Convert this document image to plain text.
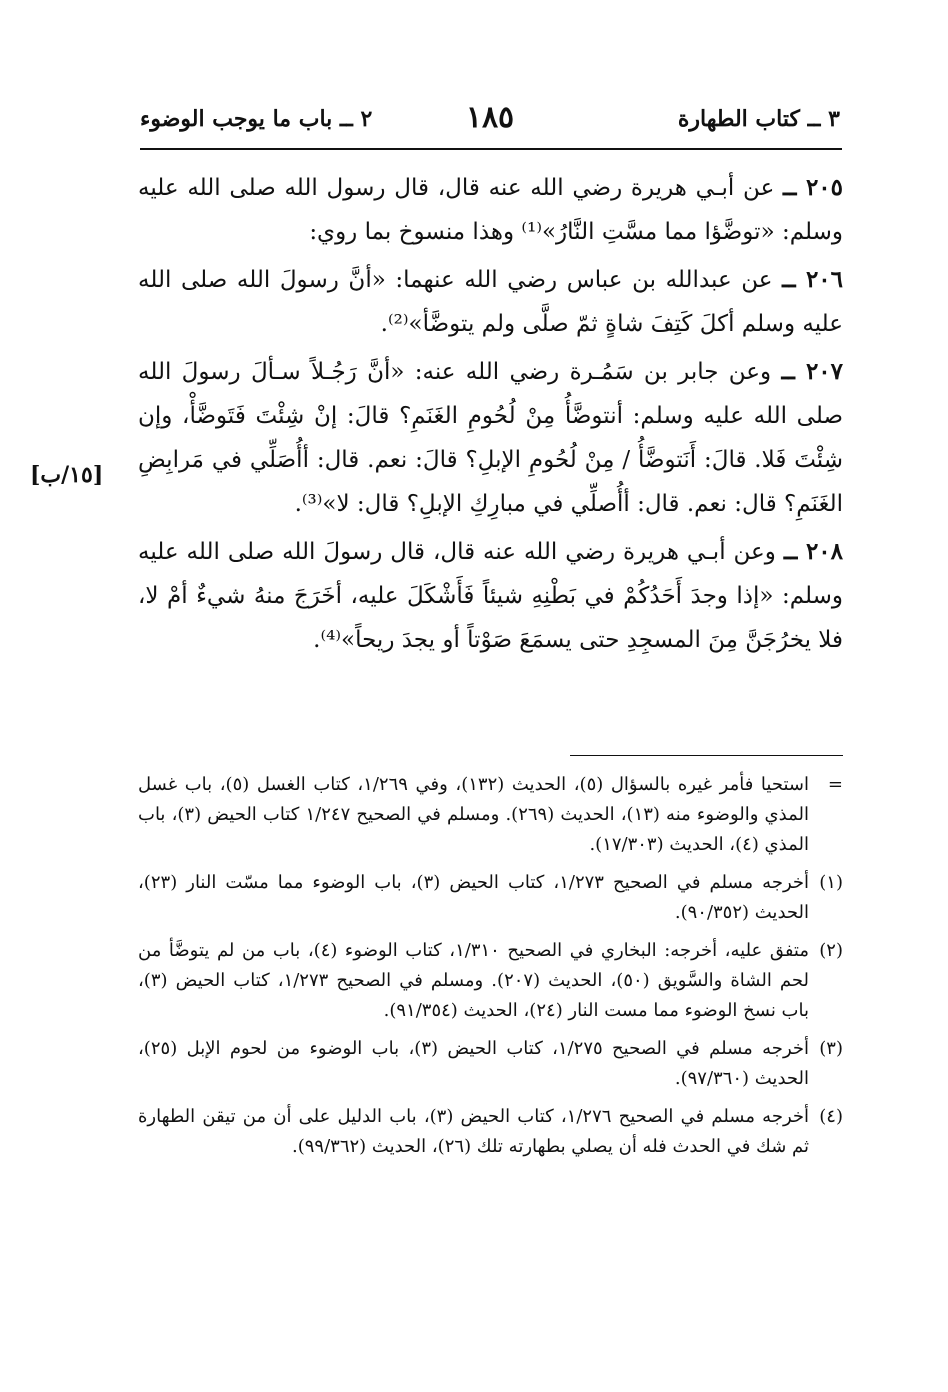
٣ ــ كتاب الطهارة
١٨٥
٢ ــ باب ما يوجب الوضوء

٢٠٥ ــ عن أبـي هريرة رضي الله عنه قال، قال رسول الله صلى الله عليه وسلم: «توضَّؤا مما مسَّتِ النَّارُ»⁽¹⁾ وهذا منسوخ بما روي:

٢٠٦ ــ عن عبدالله بن عباس رضي الله عنهما: «أنَّ رسولَ الله صلى الله عليه وسلم أكلَ كَتِفَ شاةٍ ثمّ صلَّى ولم يتوضَّأ»⁽²⁾.

٢٠٧ ــ وعن جابر بن سَمُـرة رضي الله عنه: «أنَّ رَجُـلاً سـألَ رسولَ الله صلى الله عليه وسلم: أنتوضَّأُ مِنْ لُحُومِ الغَنَمِ؟ قالَ: إنْ شِئْتَ فَتَوضَّأْ، وإن شِئْتَ فَلا. قالَ: أَنَتوضَّأُ / مِنْ لُحُومِ الإبلِ؟ قالَ: نعم. قال: أأُصَلِّي في مَرابِضِ الغَنَمِ؟ قال: نعم. قال: أأُصلِّي في مبارِكِ الإبلِ؟ قال: لا»⁽³⁾.

٢٠٨ ــ وعن أبـي هريرة رضي الله عنه قال، قال رسولَ الله صلى الله عليه وسلم: «إذا وجدَ أَحَدُكُمْ في بَطْنِهِ شيئاً فَأَشْكَلَ عليه، أخَرَجَ منهُ شيءٌ أمْ لا، فلا يخرُجَنَّ مِنَ المسجِدِ حتى يسمَعَ صَوْتاً أو يجدَ ريحاً»⁽⁴⁾.

[١٥/ب]
=
استحيا فأمر غيره بالسؤال (٥)، الحديث (١٣٢)، وفي ١/٢٦٩، كتاب الغسل (٥)، باب غسل المذي والوضوء منه (١٣)، الحديث (٢٦٩). ومسلم في الصحيح ١/٢٤٧ كتاب الحيض (٣)، باب المذي (٤)، الحديث (١٧/٣٠٣).
(١)
أخرجه مسلم في الصحيح ١/٢٧٣، كتاب الحيض (٣)، باب الوضوء مما مسّت النار (٢٣)، الحديث (٩٠/٣٥٢).
(٢)
متفق عليه، أخرجه: البخاري في الصحيح ١/٣١٠، كتاب الوضوء (٤)، باب من لم يتوضَّأ من لحم الشاة والسَّويق (٥٠)، الحديث (٢٠٧). ومسلم في الصحيح ١/٢٧٣، كتاب الحيض (٣)، باب نسخ الوضوء مما مست النار (٢٤)، الحديث (٩١/٣٥٤).
(٣)
أخرجه مسلم في الصحيح ١/٢٧٥، كتاب الحيض (٣)، باب الوضوء من لحوم الإبل (٢٥)، الحديث (٩٧/٣٦٠).
(٤)
أخرجه مسلم في الصحيح ١/٢٧٦، كتاب الحيض (٣)، باب الدليل على أن من تيقن الطهارة ثم شك في الحدث فله أن يصلي بطهارته تلك (٢٦)، الحديث (٩٩/٣٦٢).
